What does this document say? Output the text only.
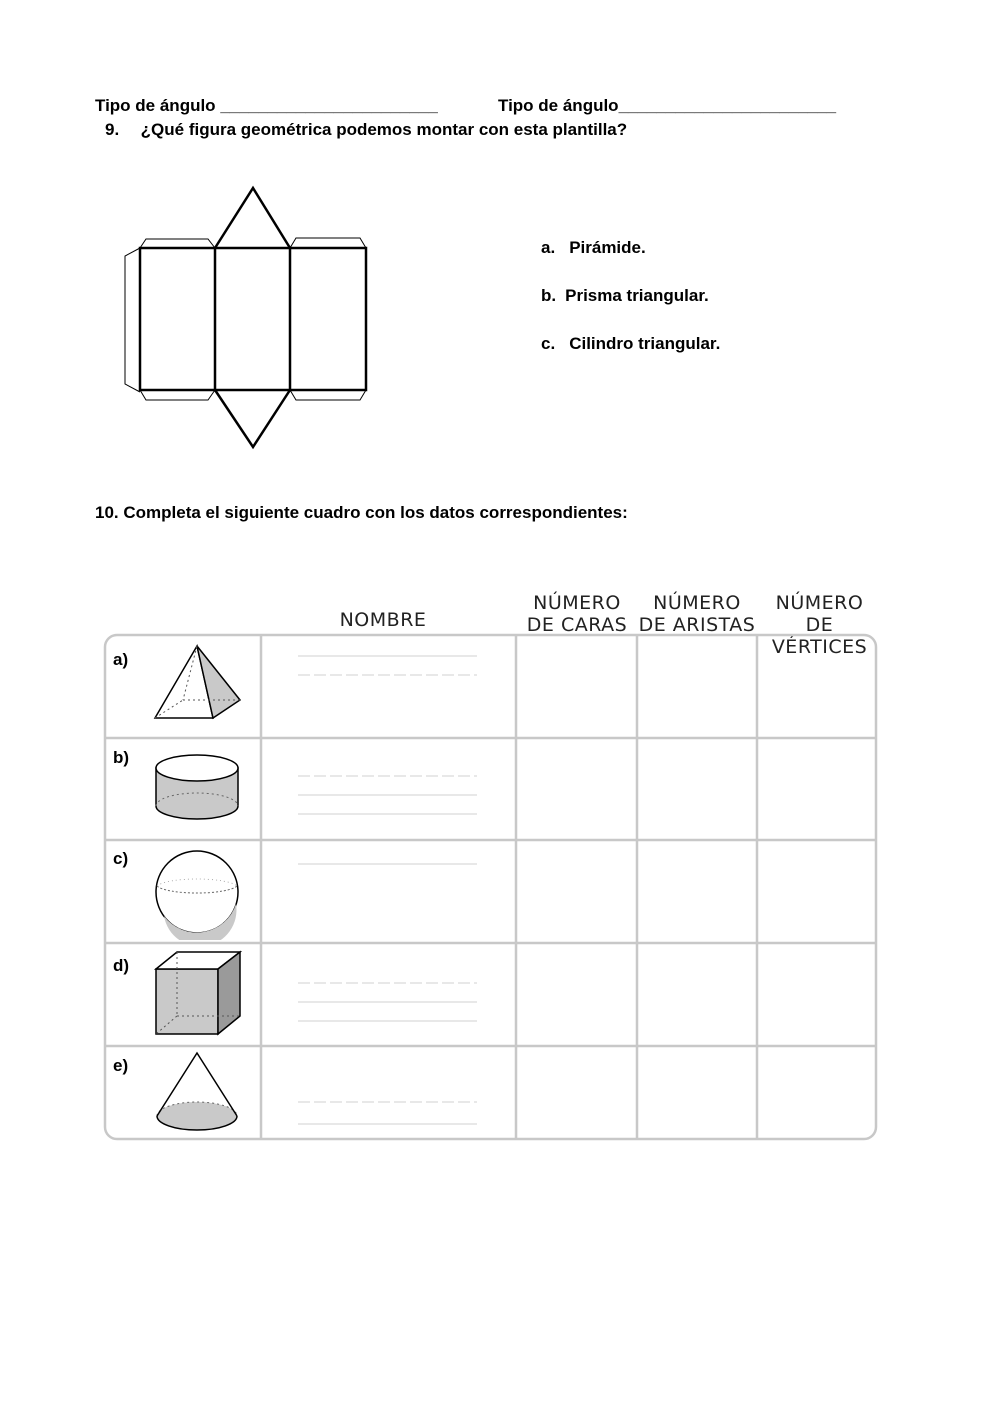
Tipo de ángulo _______________________	Tipo de ángulo_______________________
9. ¿Qué figura geométrica podemos montar con esta plantilla?
a. Pirámide.
b. Prisma triangular.
c. Cilindro triangular.
10. Completa el siguiente cuadro con los datos correspondientes:
NOMBRE
NÚMERO
DE CARAS
NÚMERO
DE ARISTAS
NÚMERO
DE VÉRTICES
a)
b)
c)
d)
e)
